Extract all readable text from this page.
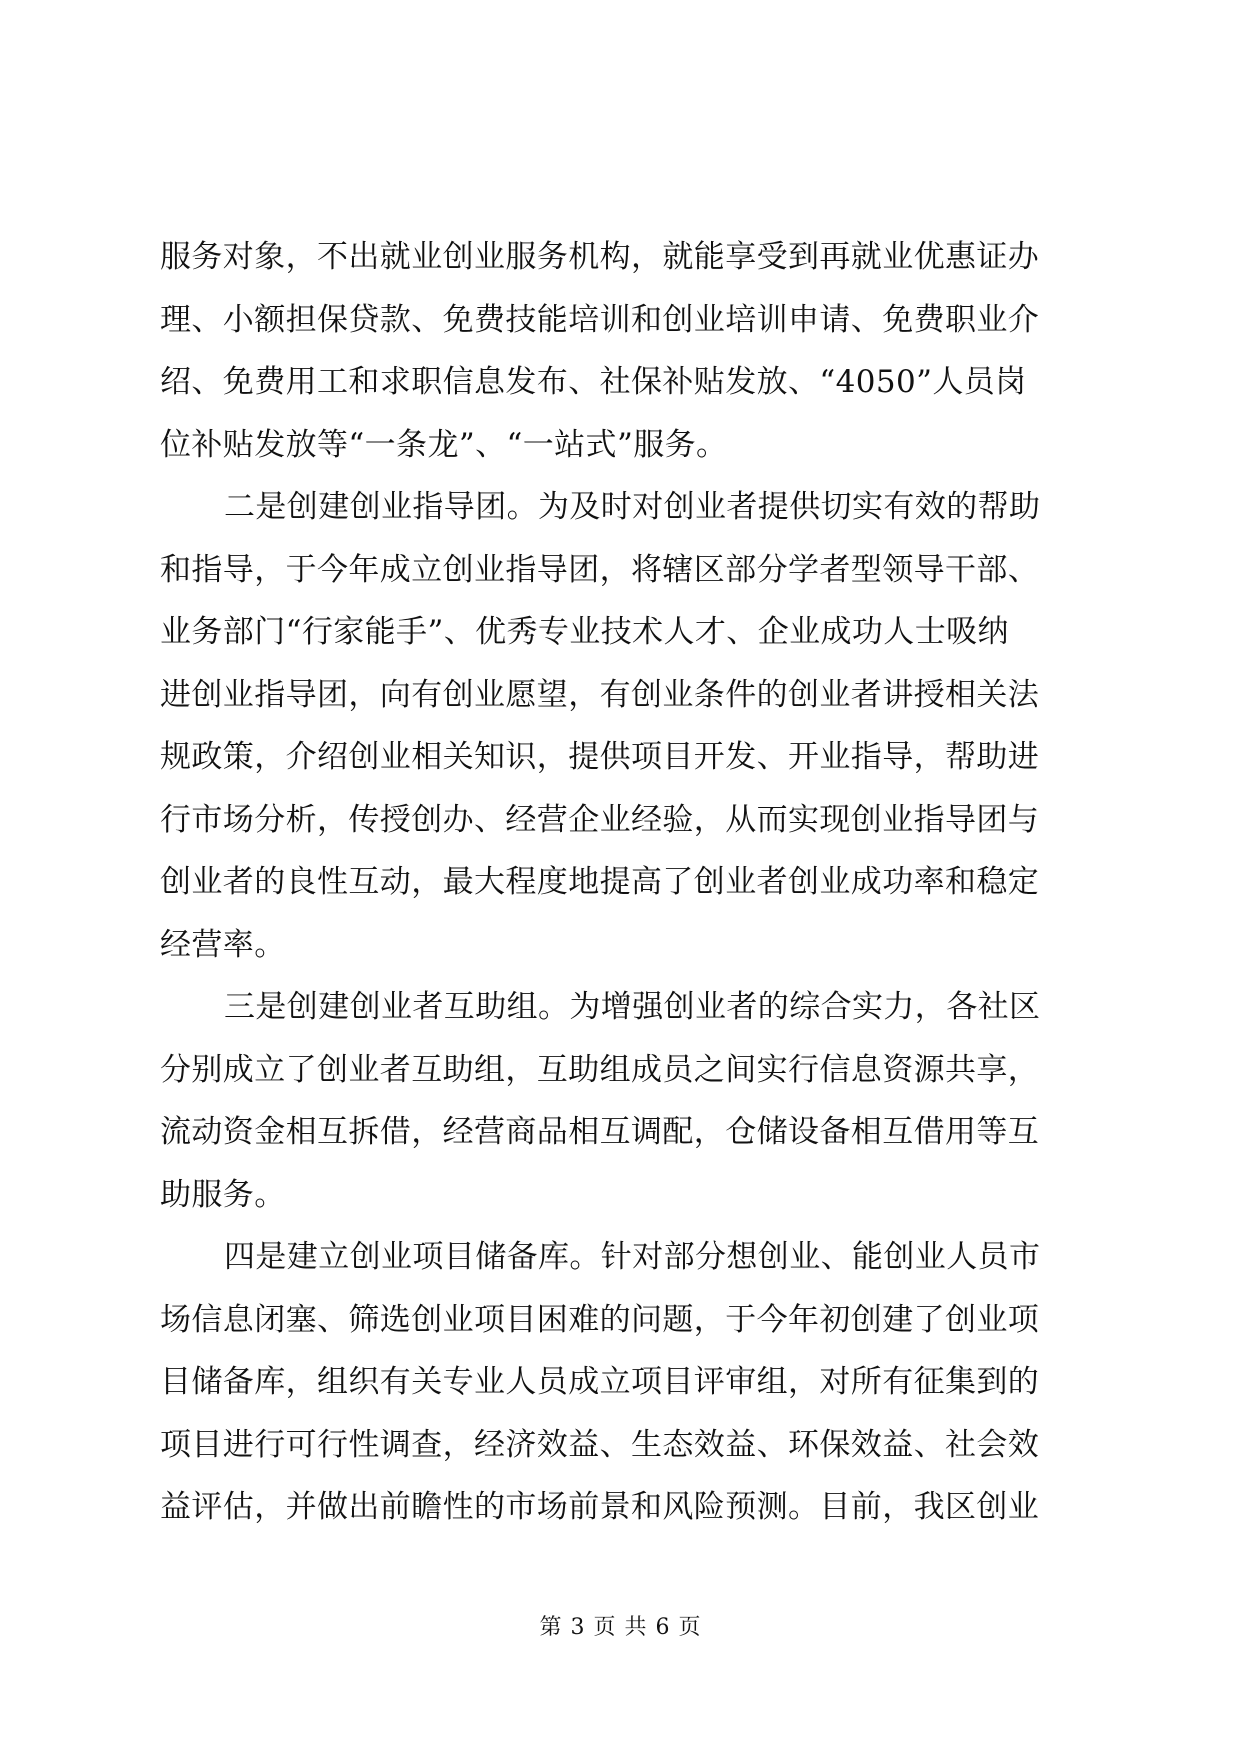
服务对象，不出就业创业服务机构，就能享受到再就业优惠证办
理、小额担保贷款、免费技能培训和创业培训申请、免费职业介
绍、免费用工和求职信息发布、社保补贴发放、“4050”人员岗
位补贴发放等“一条龙”、“一站式”服务。
二是创建创业指导团。为及时对创业者提供切实有效的帮助
和指导，于今年成立创业指导团，将辖区部分学者型领导干部、
业务部门“行家能手”、优秀专业技术人才、企业成功人士吸纳
进创业指导团，向有创业愿望，有创业条件的创业者讲授相关法
规政策，介绍创业相关知识，提供项目开发、开业指导，帮助进
行市场分析，传授创办、经营企业经验，从而实现创业指导团与
创业者的良性互动，最大程度地提高了创业者创业成功率和稳定
经营率。
三是创建创业者互助组。为增强创业者的综合实力，各社区
分别成立了创业者互助组，互助组成员之间实行信息资源共享，
流动资金相互拆借，经营商品相互调配，仓储设备相互借用等互
助服务。
四是建立创业项目储备库。针对部分想创业、能创业人员市
场信息闭塞、筛选创业项目困难的问题，于今年初创建了创业项
目储备库，组织有关专业人员成立项目评审组，对所有征集到的
项目进行可行性调查，经济效益、生态效益、环保效益、社会效
益评估，并做出前瞻性的市场前景和风险预测。目前，我区创业
第 3 页 共 6 页
